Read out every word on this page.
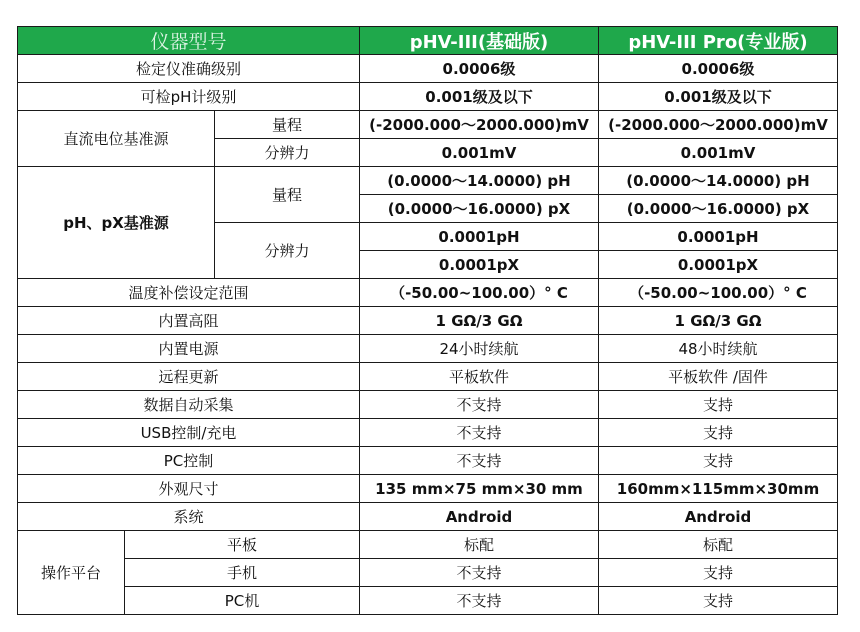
仪器型号			pHV-III(基础版)	pHV-III Pro(专业版)
检定仪准确级别			0.0006级	0.0006级
可检pH计级别			0.001级及以下	0.001级及以下
直流电位基准源		量程	(-2000.000～2000.000)mV	(-2000.000～2000.000)mV
		分辨力	0.001mV	0.001mV
pH、pX基准源		量程	(0.0000～14.0000) pH	(0.0000～14.0000) pH
			(0.0000～16.0000) pX	(0.0000～16.0000) pX
		分辨力	0.0001pH	0.0001pH
			0.0001pX	0.0001pX
温度补偿设定范围			（-50.00~100.00）° C	（-50.00~100.00）° C
内置高阻			1 GΩ/3 GΩ	1 GΩ/3 GΩ
内置电源			24小时续航	48小时续航
远程更新			平板软件	平板软件 /固件
数据自动采集			不支持	支持
USB控制/充电			不支持	支持
PC控制			不支持	支持
外观尺寸			135 mm×75 mm×30 mm	160mm×115mm×30mm
系统			Android	Android
操作平台	平板		标配	标配
	手机		不支持	支持
	PC机		不支持	支持
